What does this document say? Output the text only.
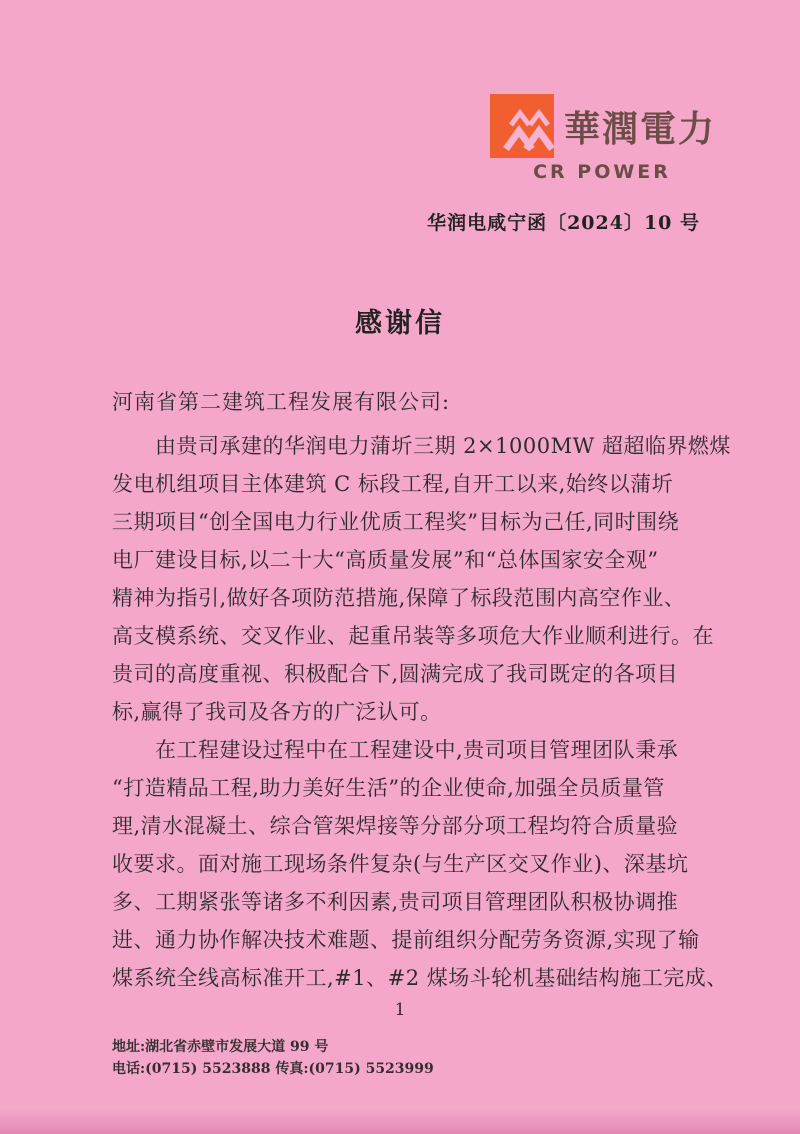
華潤電力
CR POWER
华润电咸宁函〔2024〕10 号
感谢信
河南省第二建筑工程发展有限公司:
　　由贵司承建的华润电力蒲圻三期 2×1000MW 超超临界燃煤
发电机组项目主体建筑 C 标段工程,自开工以来,始终以蒲圻
三期项目“创全国电力行业优质工程奖”目标为己任,同时围绕
电厂建设目标,以二十大“高质量发展”和“总体国家安全观”
精神为指引,做好各项防范措施,保障了标段范围内高空作业、
高支模系统、交叉作业、起重吊装等多项危大作业顺利进行。在
贵司的高度重视、积极配合下,圆满完成了我司既定的各项目
标,赢得了我司及各方的广泛认可。
　　在工程建设过程中在工程建设中,贵司项目管理团队秉承
“打造精品工程,助力美好生活”的企业使命,加强全员质量管
理,清水混凝土、综合管架焊接等分部分项工程均符合质量验
收要求。面对施工现场条件复杂(与生产区交叉作业)、深基坑
多、工期紧张等诸多不利因素,贵司项目管理团队积极协调推
进、通力协作解决技术难题、提前组织分配劳务资源,实现了输
煤系统全线高标准开工,#1、#2 煤场斗轮机基础结构施工完成、
1
地址:湖北省赤壁市发展大道 99 号
电话:(0715) 5523888 传真:(0715) 5523999
